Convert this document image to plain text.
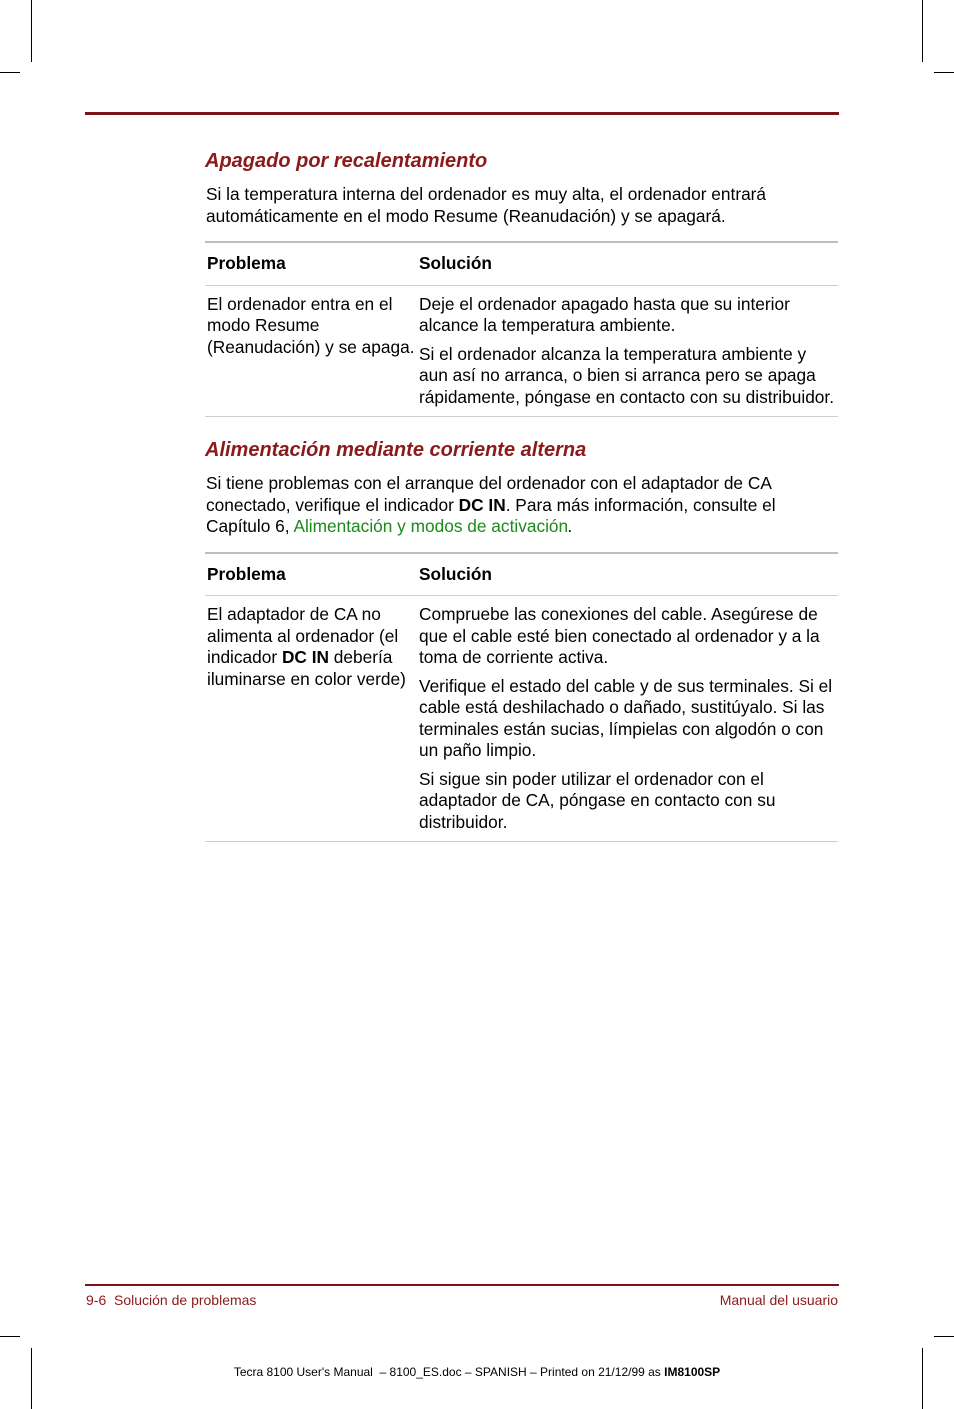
Apagado por recalentamiento

Si la temperatura interna del ordenador es muy alta, el ordenador entrará automáticamente en el modo Resume (Reanudación) y se apagará.

Problema	Solución

El ordenador entra en el modo Resume (Reanudación) y se apaga.	Deje el ordenador apagado hasta que su interior alcance la temperatura ambiente.

Si el ordenador alcanza la temperatura ambiente y aun así no arranca, o bien si arranca pero se apaga rápidamente, póngase en contacto con su distribuidor.

Alimentación mediante corriente alterna

Si tiene problemas con el arranque del ordenador con el adaptador de CA conectado, verifique el indicador DC IN. Para más información, consulte el Capítulo 6, Alimentación y modos de activación.

Problema	Solución

El adaptador de CA no alimenta al ordenador (el indicador DC IN debería iluminarse en color verde)	Compruebe las conexiones del cable. Asegúrese de que el cable esté bien conectado al ordenador y a la toma de corriente activa.

Verifique el estado del cable y de sus terminales. Si el cable está deshilachado o dañado, sustitúyalo. Si las terminales están sucias, límpielas con algodón o con un paño limpio.

Si sigue sin poder utilizar el ordenador con el adaptador de CA, póngase en contacto con su distribuidor.

9-6  Solución de problemas	Manual del usuario
Tecra 8100 User's Manual  – 8100_ES.doc – SPANISH – Printed on 21/12/99 as IM8100SP
